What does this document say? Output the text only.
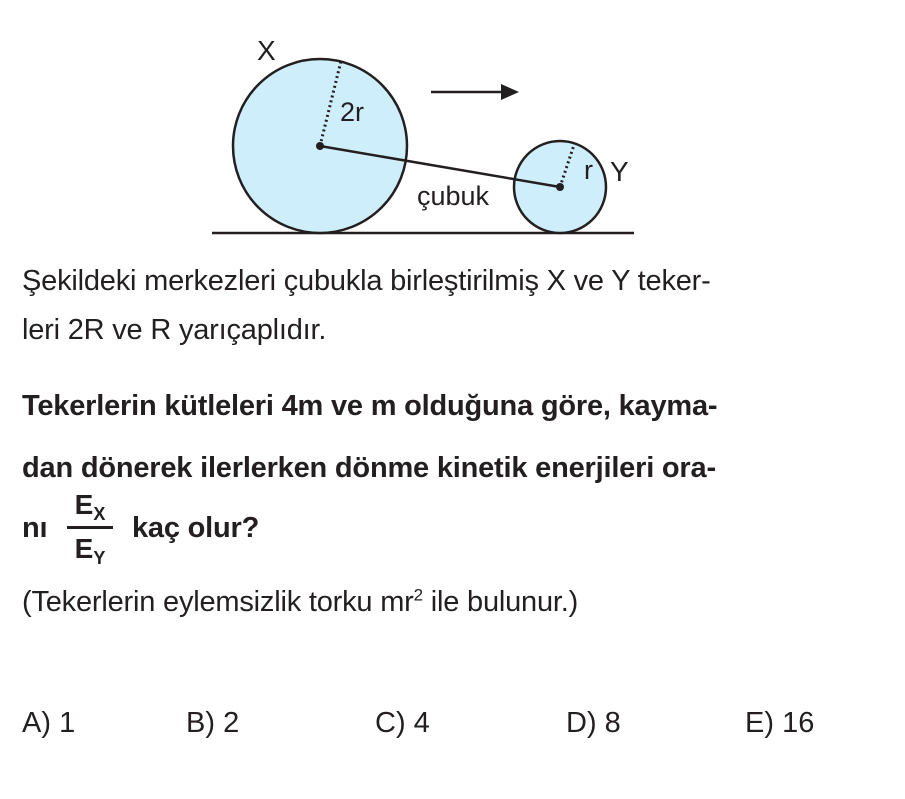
X
2r
r Y
çubuk
Şekildeki merkezleri çubukla birleştirilmiş X ve Y teker-
leri 2R ve R yarıçaplıdır.
Tekerlerin kütleleri 4m ve m olduğuna göre, kayma-
dan dönerek ilerlerken dönme kinetik enerjileri ora-
nı
$E_X$
$E_Y$
kaç olur?
(Tekerlerin eylemsizlik torku $mr^2$ ile bulunur.)
A) 1	B) 2	C) 4	D) 8	E) 16
